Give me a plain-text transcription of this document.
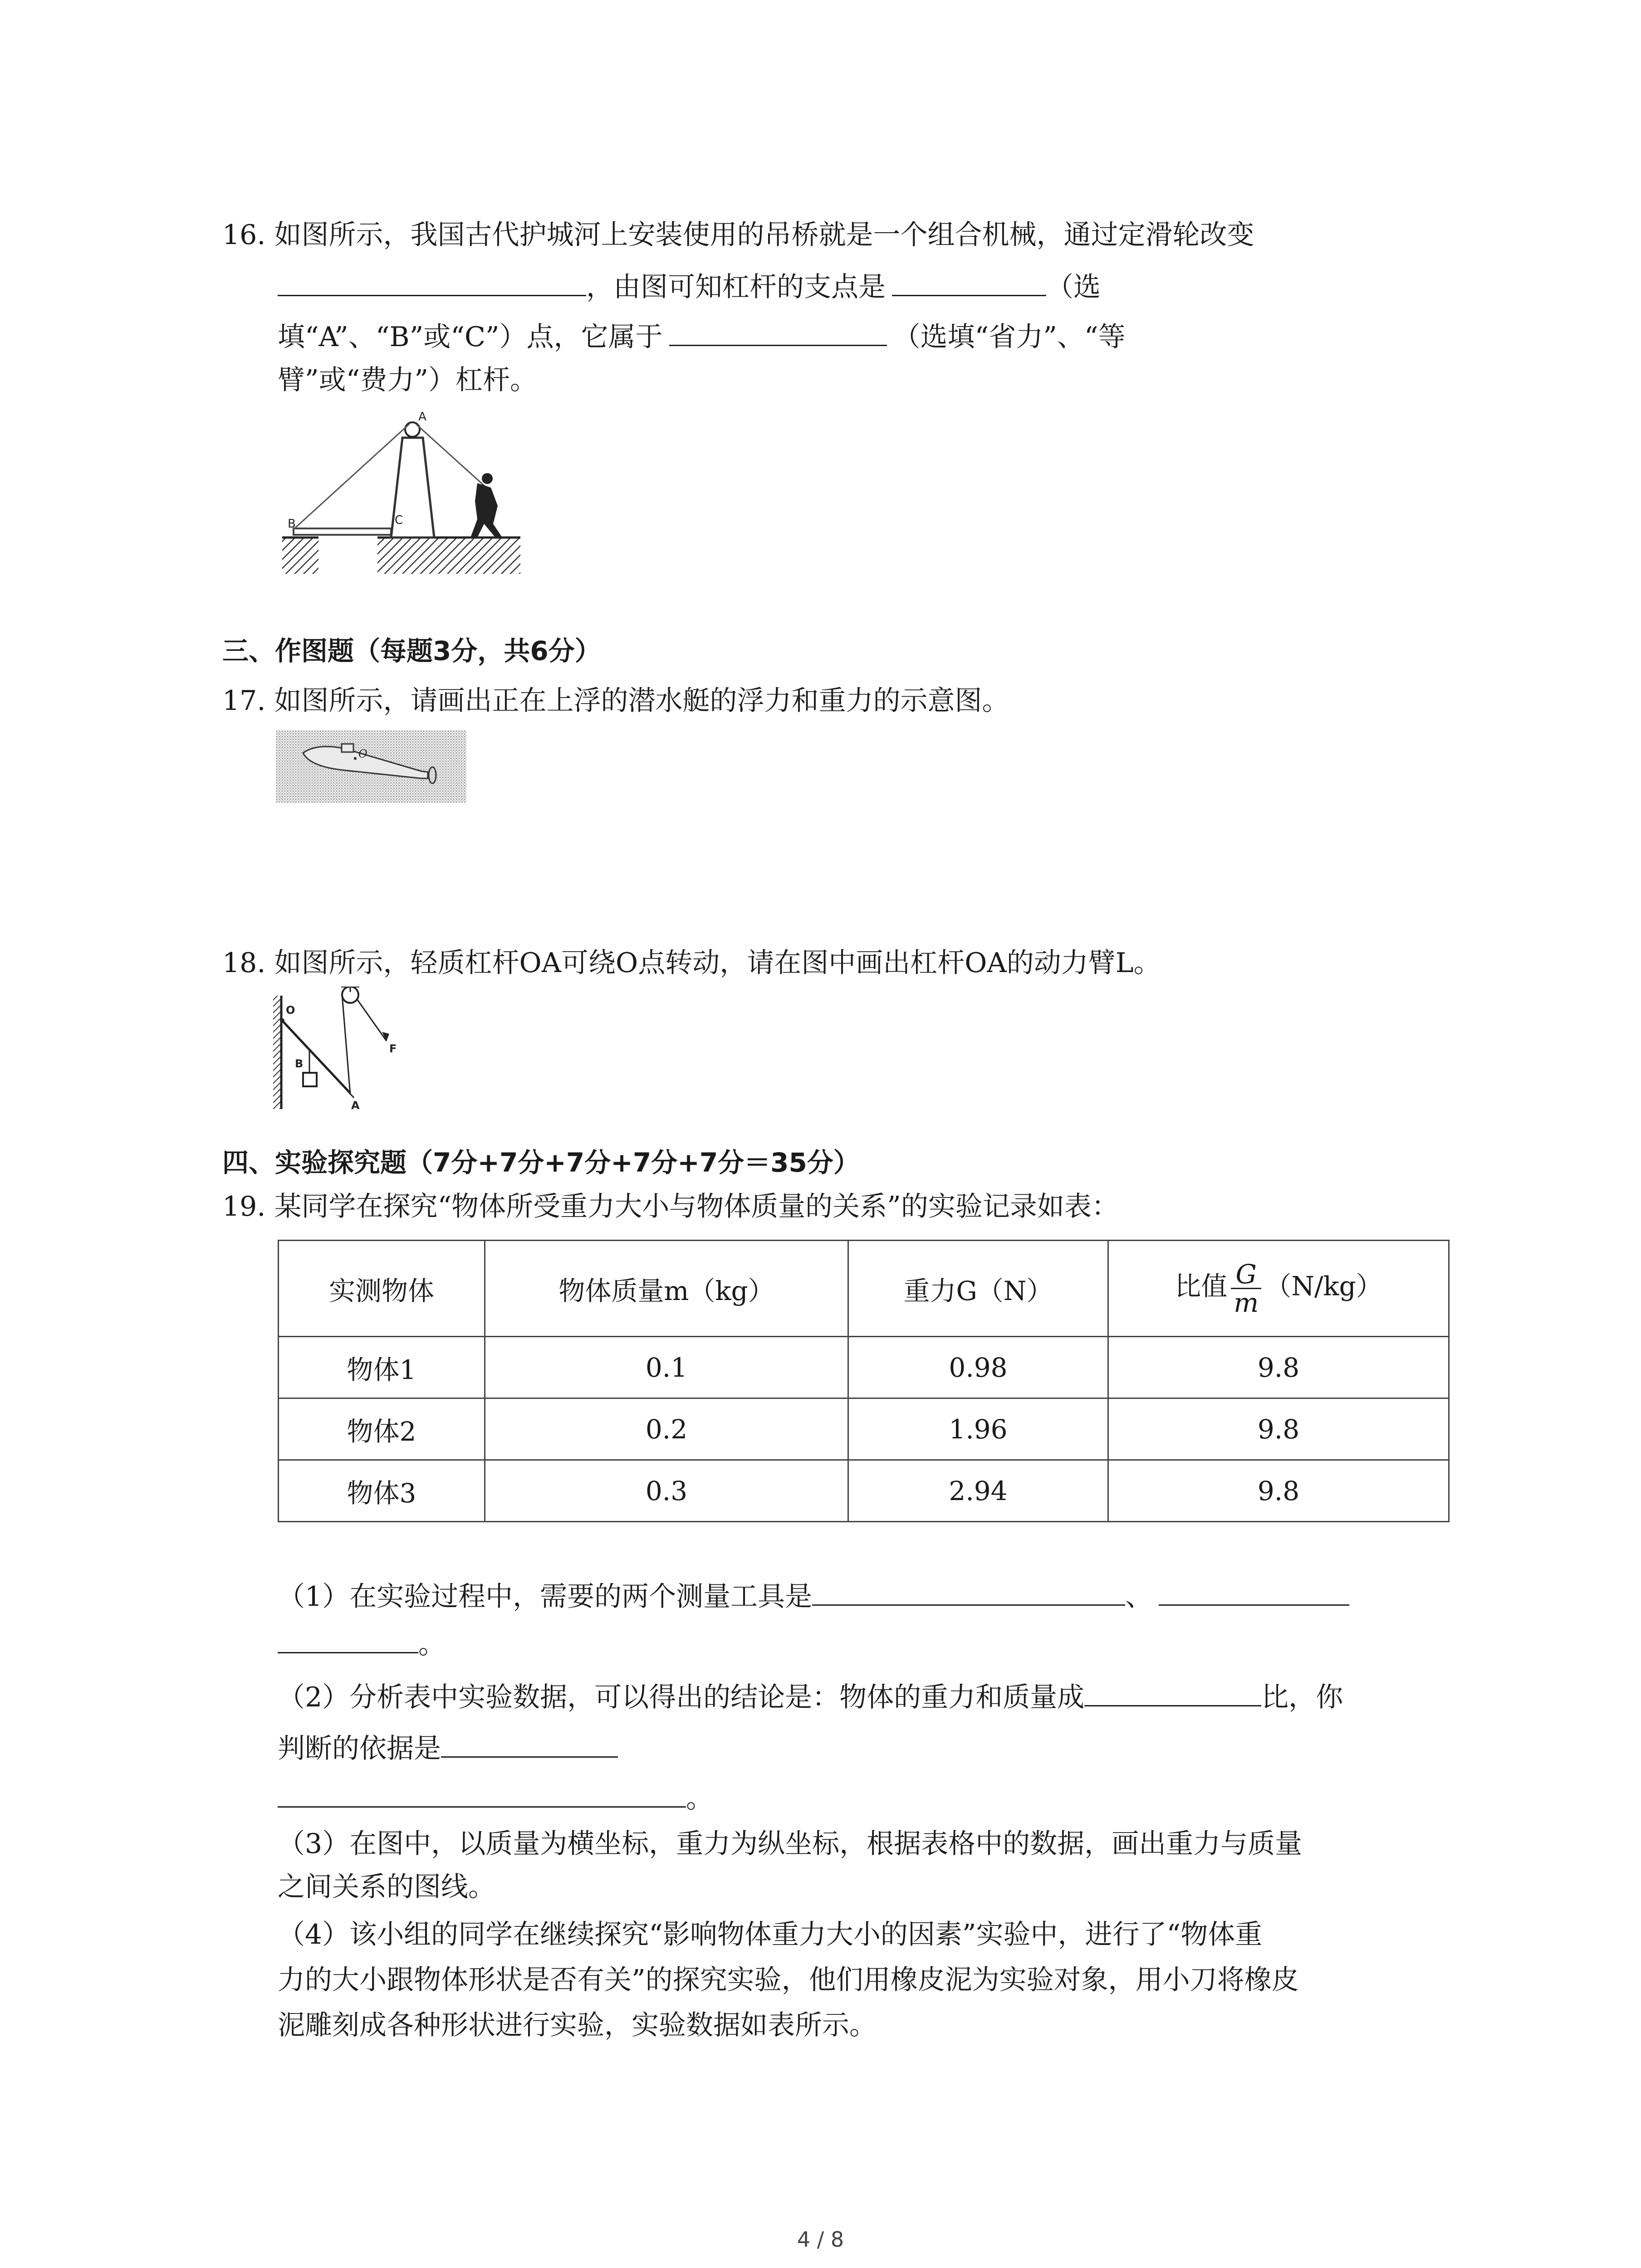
16. 如图所示，我国古代护城河上安装使用的吊桥就是一个组合机械，通过定滑轮改变
，由图可知杠杆的支点是	（选
填“A”、“B”或“C”）点，它属于	（选填“省力”、“等
臂”或“费力”）杠杆。
A
B	C
三、作图题（每题3分，共6分）
17. 如图所示，请画出正在上浮的潜水艇的浮力和重力的示意图。
O
18. 如图所示，轻质杠杆OA可绕O点转动，请在图中画出杠杆OA的动力臂L。
O
F
B
A
四、实验探究题（7分+7分+7分+7分+7分＝35分）
19. 某同学在探究“物体所受重力大小与物体质量的关系”的实验记录如表：
实测物体	物体质量m（kg）	重力G（N）	比值 $\frac{G}{m} (N/kg)$
物体1	0.1	0.98	9.8
物体2	0.2	1.96	9.8
物体3	0.3	2.94	9.8
（1）在实验过程中，需要的两个测量工具是	、
。
（2）分析表中实验数据，可以得出的结论是：物体的重力和质量成	比，你
判断的依据是
。
（3）在图中，以质量为横坐标，重力为纵坐标，根据表格中的数据，画出重力与质量
之间关系的图线。
（4）该小组的同学在继续探究“影响物体重力大小的因素”实验中，进行了“物体重
力的大小跟物体形状是否有关”的探究实验，他们用橡皮泥为实验对象，用小刀将橡皮
泥雕刻成各种形状进行实验，实验数据如表所示。
4 / 8
